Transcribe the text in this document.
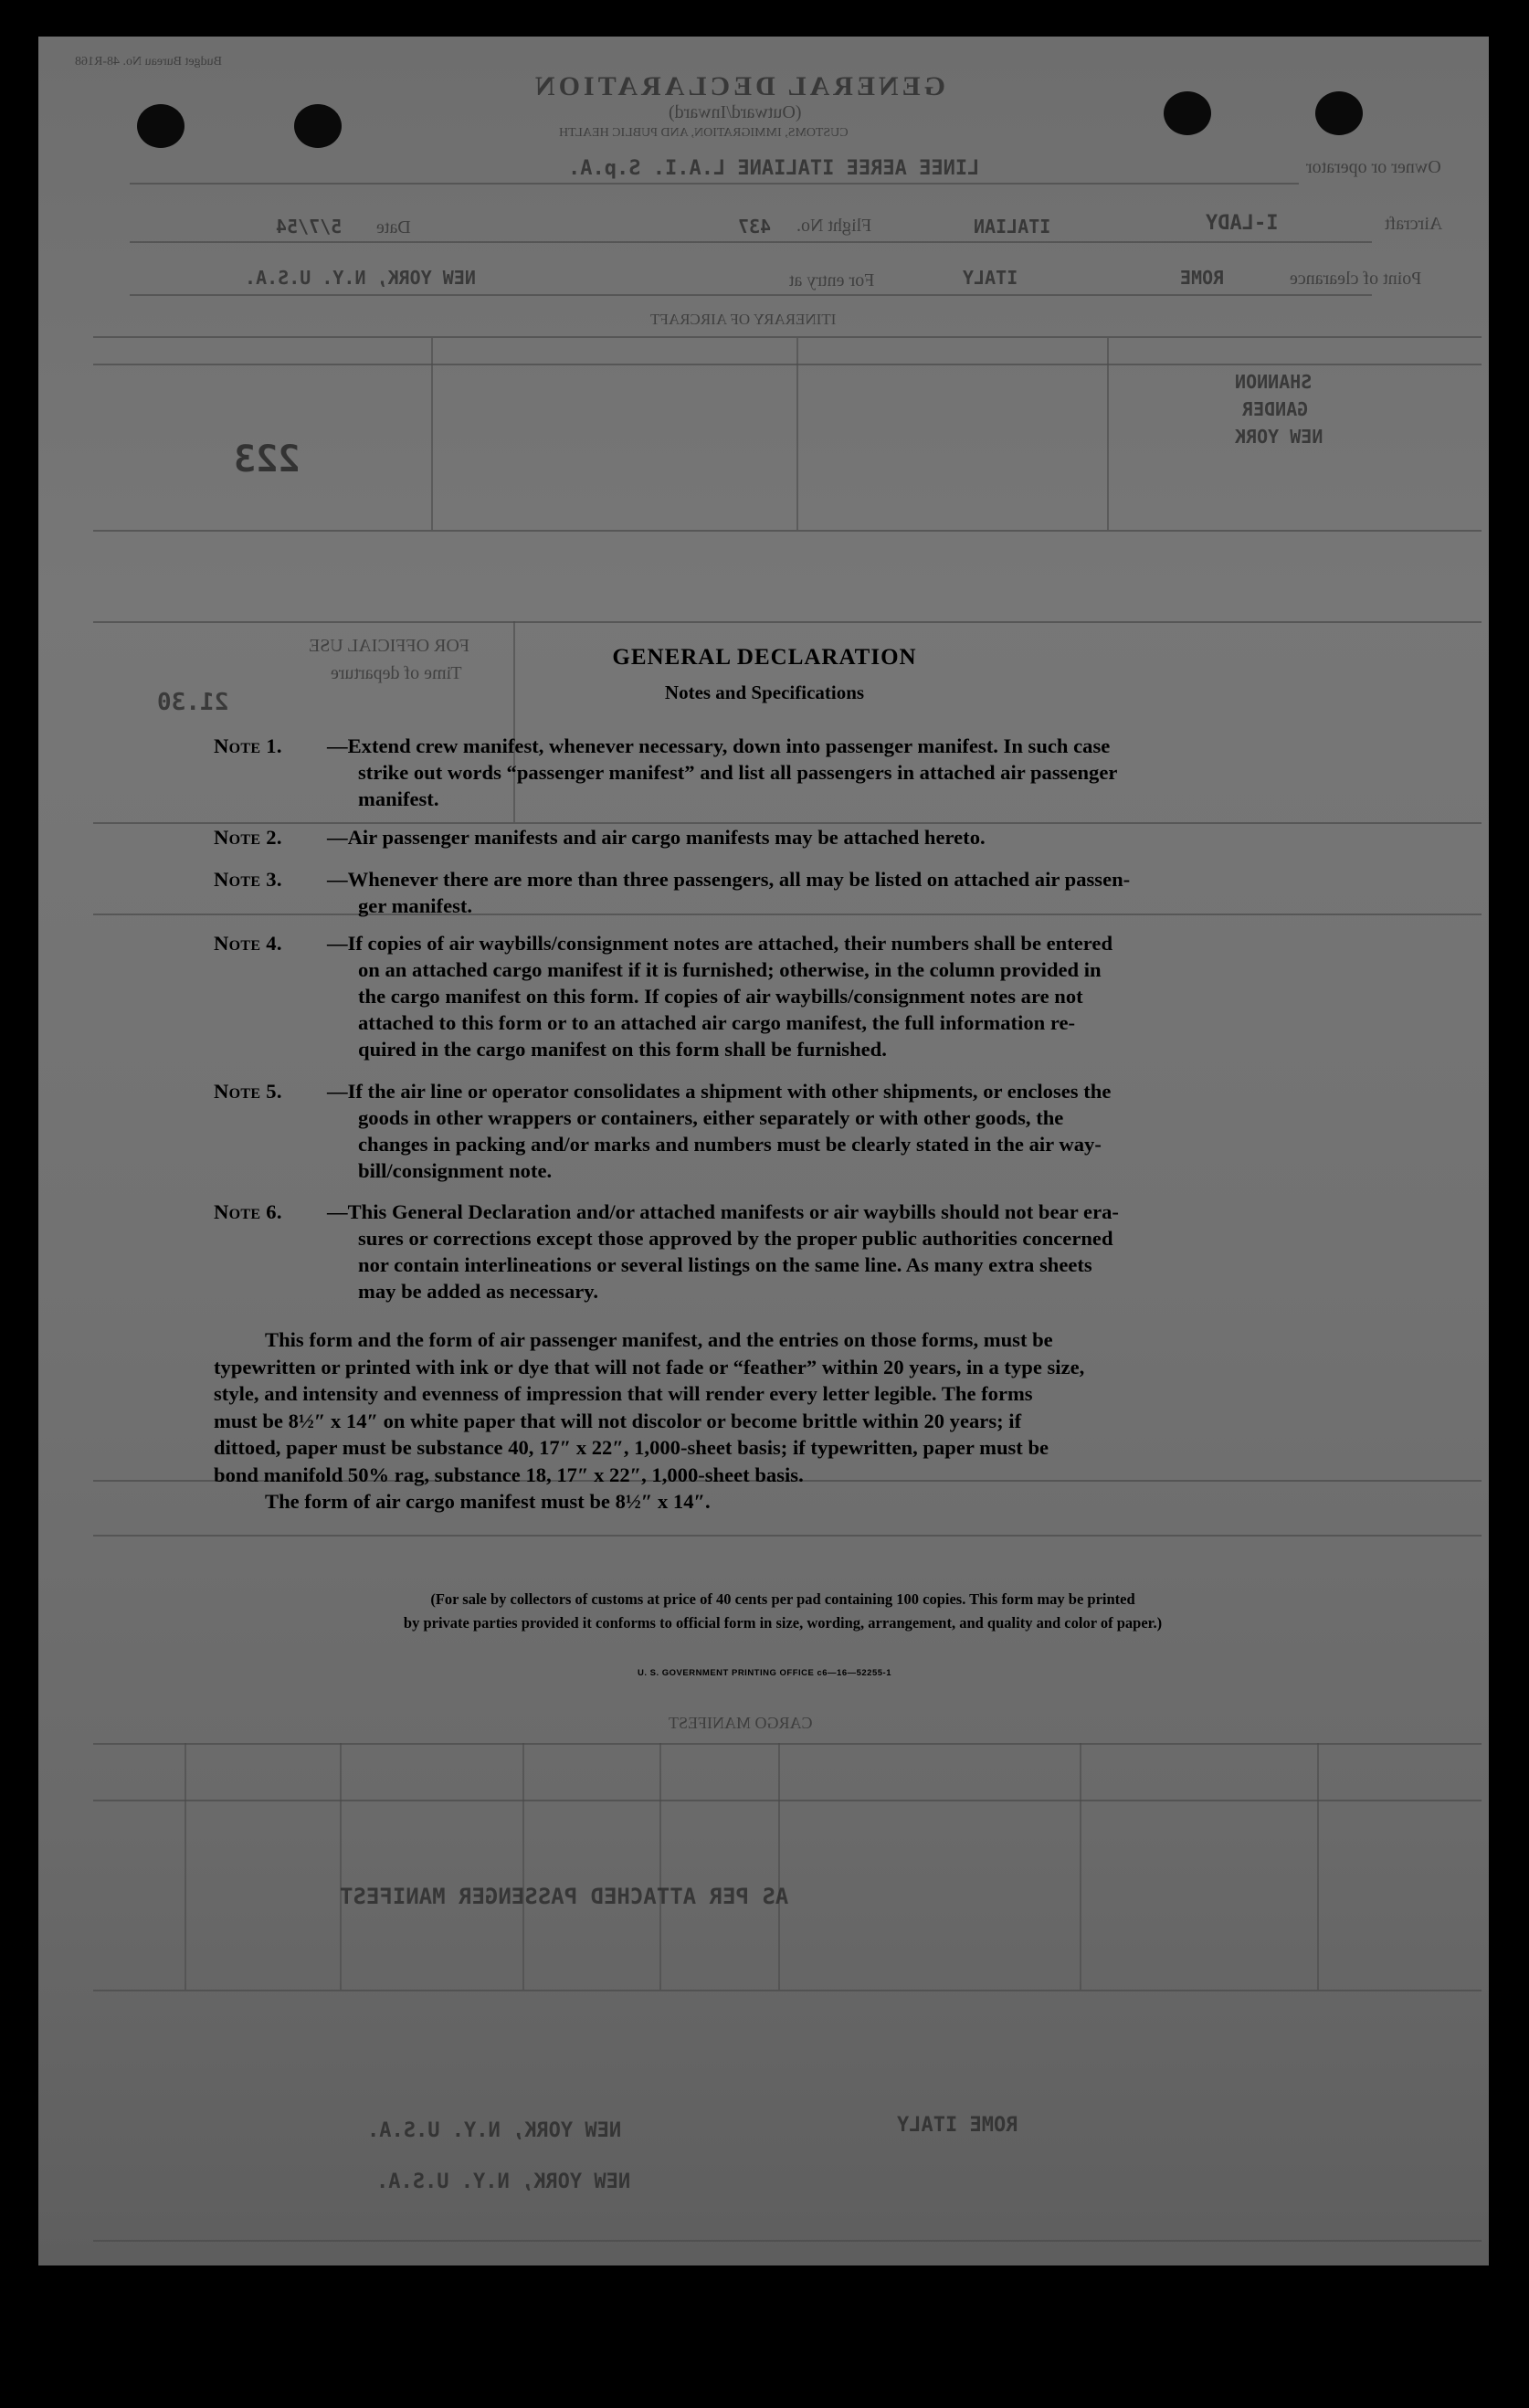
Budget Bureau No. 48-R168
GENERAL DECLARATION
(Outward/Inward)
CUSTOMS, IMMIGRATION, AND PUBLIC HEALTH
Owner or operator
LINEE AEREE ITALIANE L.A.I. S.p.A.
Aircraft
I-LADY
ITALIAN
Flight No.
437
Date
5/7/54
Point of clearance
ROME
ITALY
For entry at
NEW YORK, N.Y. U.S.A.
ITINERARY OF AIRCRAFT
SHANNON
GANDER
NEW YORK
223
FOR OFFICIAL USE
Time of departure
21.30
CARGO MANIFEST
AS PER ATTACHED PASSENGER MANIFEST
ROME ITALY
NEW YORK, N.Y. U.S.A.
NEW YORK, N.Y. U.S.A.
GENERAL DECLARATION
Notes and Specifications
Note 1. —Extend crew manifest, whenever necessary, down into passenger manifest. In such case
strike out words “passenger manifest” and list all passengers in attached air passenger
manifest.
Note 2. —Air passenger manifests and air cargo manifests may be attached hereto.
Note 3. —Whenever there are more than three passengers, all may be listed on attached air passen-
ger manifest.
Note 4. —If copies of air waybills/consignment notes are attached, their numbers shall be entered
on an attached cargo manifest if it is furnished; otherwise, in the column provided in
the cargo manifest on this form. If copies of air waybills/consignment notes are not
attached to this form or to an attached air cargo manifest, the full information re-
quired in the cargo manifest on this form shall be furnished.
Note 5. —If the air line or operator consolidates a shipment with other shipments, or encloses the
goods in other wrappers or containers, either separately or with other goods, the
changes in packing and/or marks and numbers must be clearly stated in the air way-
bill/consignment note.
Note 6. —This General Declaration and/or attached manifests or air waybills should not bear era-
sures or corrections except those approved by the proper public authorities concerned
nor contain interlineations or several listings on the same line. As many extra sheets
may be added as necessary.
This form and the form of air passenger manifest, and the entries on those forms, must be
typewritten or printed with ink or dye that will not fade or “feather” within 20 years, in a type size,
style, and intensity and evenness of impression that will render every letter legible. The forms
must be 8½″ x 14″ on white paper that will not discolor or become brittle within 20 years; if
dittoed, paper must be substance 40, 17″ x 22″, 1,000-sheet basis; if typewritten, paper must be
bond manifold 50% rag, substance 18, 17″ x 22″, 1,000-sheet basis.
The form of air cargo manifest must be 8½″ x 14″.
(For sale by collectors of customs at price of 40 cents per pad containing 100 copies. This form may be printed
by private parties provided it conforms to official form in size, wording, arrangement, and quality and color of paper.)
U. S. GOVERNMENT PRINTING OFFICE c6—16—52255-1
